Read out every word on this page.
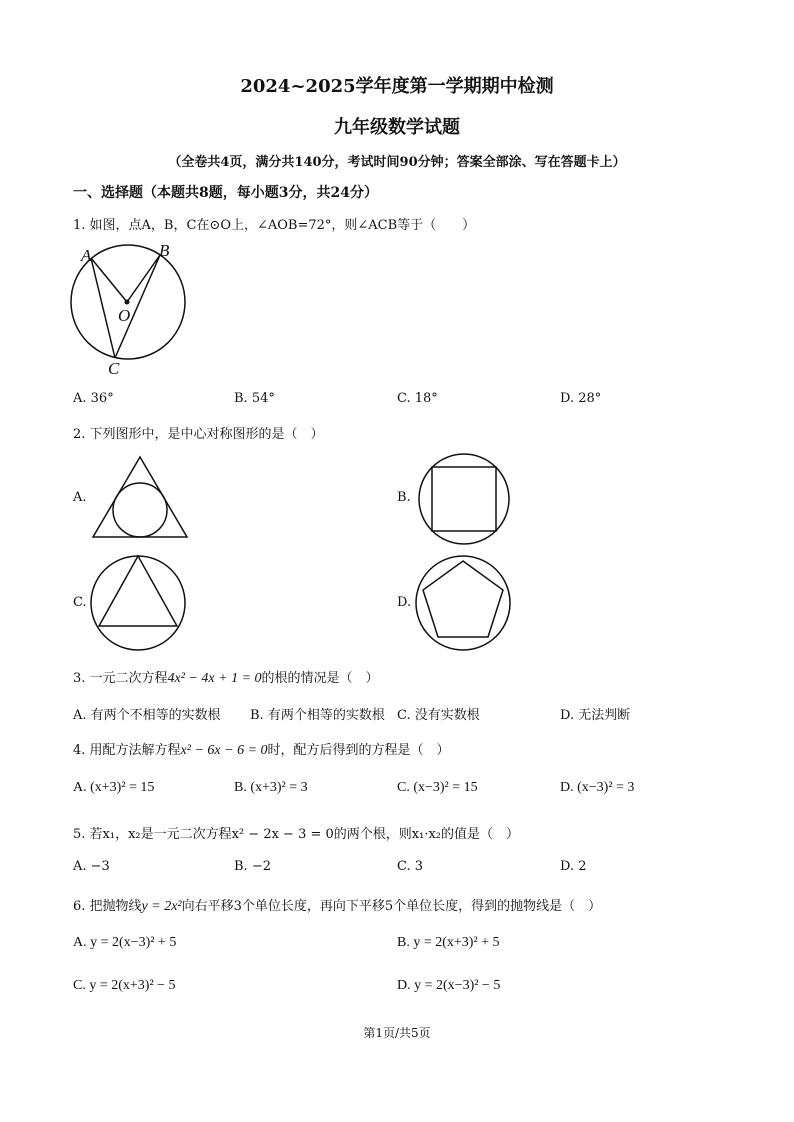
2024~2025学年度第一学期期中检测
九年级数学试题
（全卷共4页，满分共140分，考试时间90分钟；答案全部涂、写在答题卡上）
一、选择题（本题共8题，每小题3分，共24分）
1. 如图，点A，B，C在⊙O上，∠AOB=72°，则∠ACB等于（　　）
A	B
O
C
A. 36°	B. 54°	C. 18°	D. 28°
2. 下列图形中，是中心对称图形的是（　）
A.	B.
C.	D.
3. 一元二次方程4x² − 4x + 1 = 0的根的情况是（　）
A. 有两个不相等的实数根 B. 有两个相等的实数根 C. 没有实数根	D. 无法判断
4. 用配方法解方程x² − 6x − 6 = 0时，配方后得到的方程是（　）
A. (x+3)² = 15	B. (x+3)² = 3	C. (x−3)² = 15	D. (x−3)² = 3
5. 若x₁，x₂是一元二次方程x² − 2x − 3 = 0的两个根，则x₁·x₂的值是（　）
A. −3	B. −2	C. 3	D. 2
6. 把抛物线y = 2x²向右平移3个单位长度，再向下平移5个单位长度，得到的抛物线是（　）
A. y = 2(x−3)² + 5	B. y = 2(x+3)² + 5
C. y = 2(x+3)² − 5	D. y = 2(x−3)² − 5
第1页/共5页
